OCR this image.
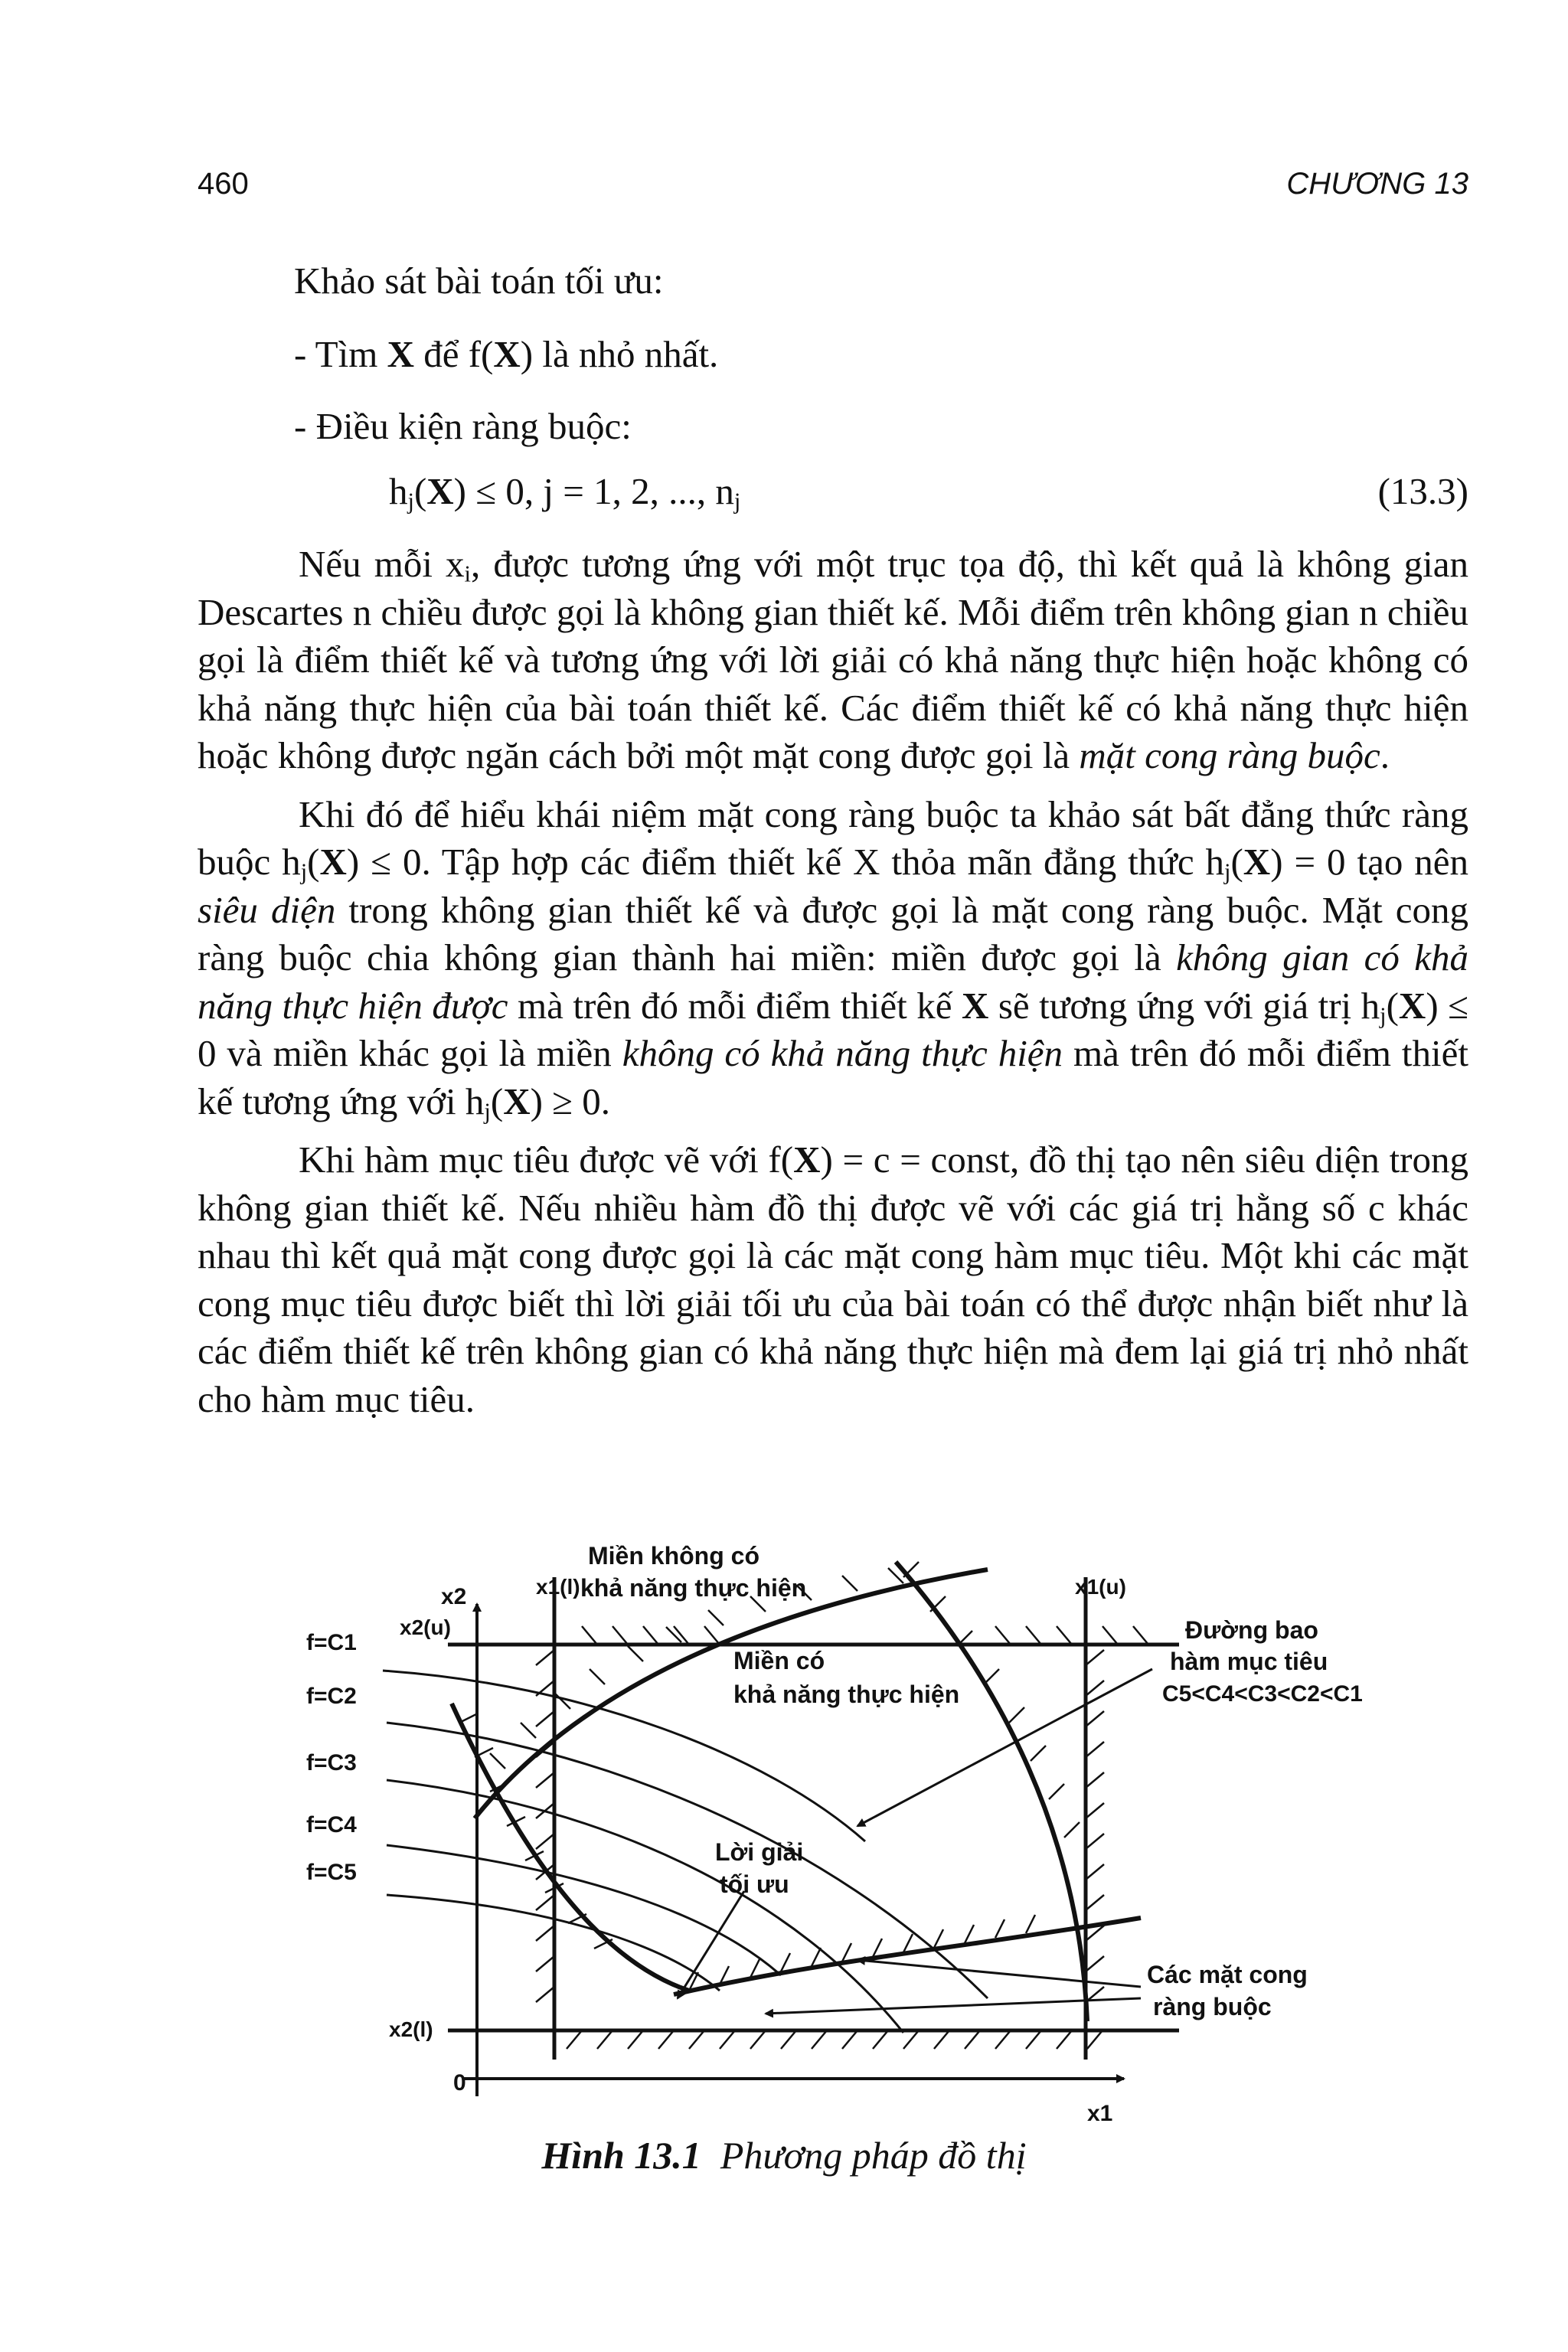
460	CHƯƠNG 13
Khảo sát bài toán tối ưu:
- Tìm X để f(X) là nhỏ nhất.
- Điều kiện ràng buộc:
$h_j(X) \le 0$, j = 1, 2, ..., $n_j$	(13.3)

Nếu mỗi $x_i$, được tương ứng với một trục tọa độ, thì kết quả là không gian Descartes n chiều được gọi là không gian thiết kế. Mỗi điểm trên không gian n chiều gọi là điểm thiết kế và tương ứng với lời giải có khả năng thực hiện hoặc không có khả năng thực hiện của bài toán thiết kế. Các điểm thiết kế có khả năng thực hiện hoặc không được ngăn cách bởi một mặt cong được gọi là mặt cong ràng buộc.

Khi đó để hiểu khái niệm mặt cong ràng buộc ta khảo sát bất đẳng thức ràng buộc $h_j(X) \le 0$. Tập hợp các điểm thiết kế X thỏa mãn đẳng thức $h_j(X) = 0$ tạo nên siêu diện trong không gian thiết kế và được gọi là mặt cong ràng buộc. Mặt cong ràng buộc chia không gian thành hai miền: miền được gọi là không gian có khả năng thực hiện được mà trên đó mỗi điểm thiết kế X sẽ tương ứng với giá trị $h_j(X) \le 0$ và miền khác gọi là miền không có khả năng thực hiện mà trên đó mỗi điểm thiết kế tương ứng với $h_j(X) \ge 0$.

Khi hàm mục tiêu được vẽ với f(X) = c = const, đồ thị tạo nên siêu diện trong không gian thiết kế. Nếu nhiều hàm đồ thị được vẽ với các giá trị hằng số c khác nhau thì kết quả mặt cong được gọi là các mặt cong hàm mục tiêu. Một khi các mặt cong mục tiêu được biết thì lời giải tối ưu của bài toán có thể được nhận biết như là các điểm thiết kế trên không gian có khả năng thực hiện mà đem lại giá trị nhỏ nhất cho hàm mục tiêu.

Miền không có
khả năng thực hiện
Miền có
khả năng thực hiện
Đường bao
hàm mục tiêu
C5<C4<C3<C2<C1
Lời giải
tối ưu
Các mặt cong
ràng buộc
x2
x1
0
x1(l)	x1(u)
x2(u)
x2(l)
f=C1
f=C2
f=C3
f=C4
f=C5
Hình 13.1 Phương pháp đồ thị
